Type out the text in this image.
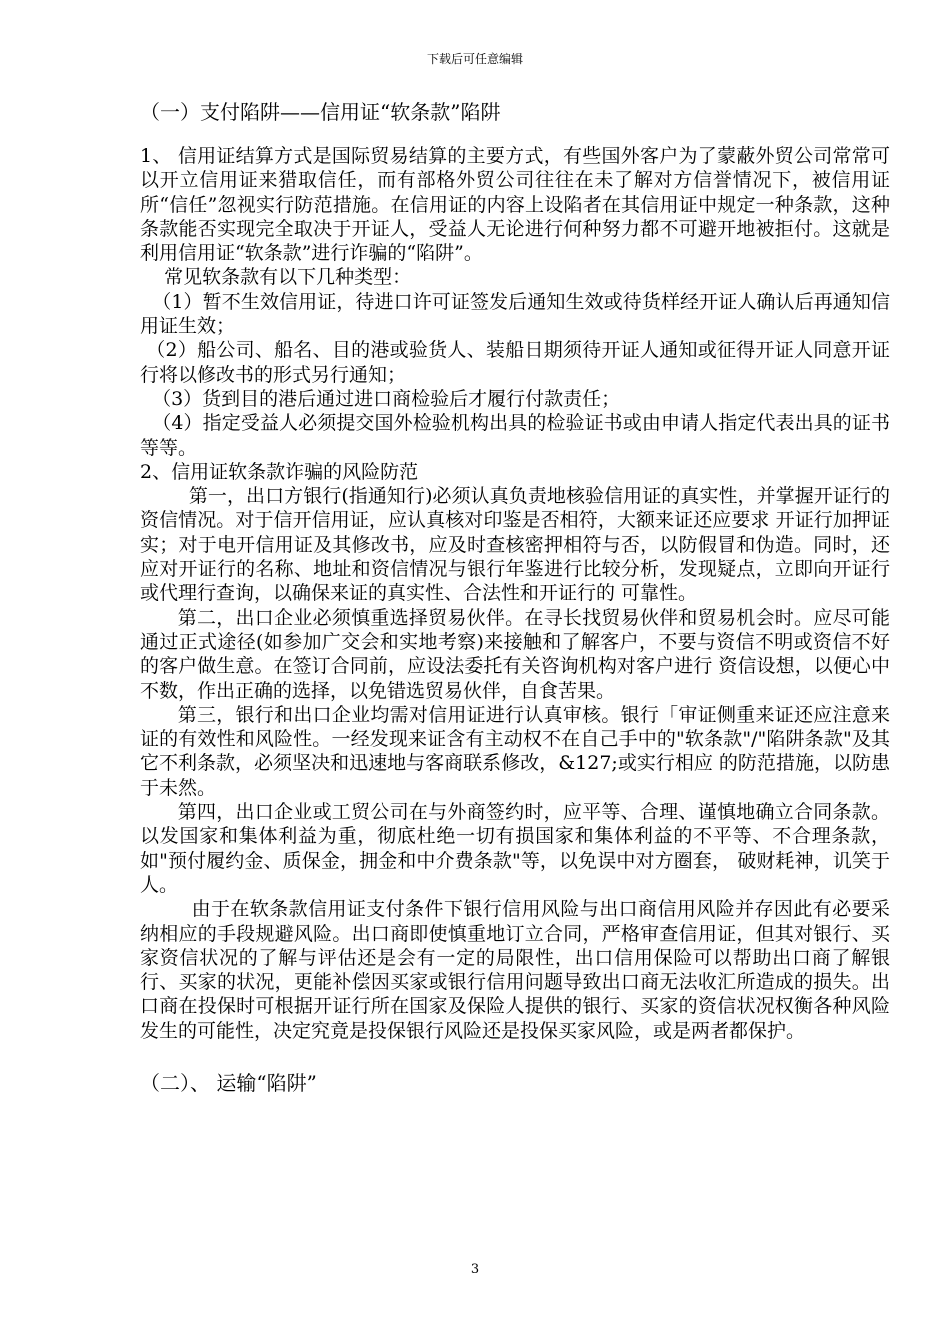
下载后可任意编辑
（一）支付陷阱——信用证“软条款”陷阱

1、 信用证结算方式是国际贸易结算的主要方式，有些国外客户为了蒙蔽外贸公司常常可以开立信用证来猎取信任，而有部格外贸公司往往在未了解对方信誉情况下，被信用证所“信任”忽视实行防范措施。在信用证的内容上设陷者在其信用证中规定一种条款，这种条款能否实现完全取决于开证人，受益人无论进行何种努力都不可避开地被拒付。这就是利用信用证“软条款”进行诈骗的“陷阱”。

常见软条款有以下几种类型：

（1）暂不生效信用证，待进口许可证签发后通知生效或待货样经开证人确认后再通知信用证生效；

（2）船公司、船名、目的港或验货人、装船日期须待开证人通知或征得开证人同意开证行将以修改书的形式另行通知；

（3）货到目的港后通过进口商检验后才履行付款责任；

（4）指定受益人必须提交国外检验机构出具的检验证书或由申请人指定代表出具的证书等等。

2、信用证软条款诈骗的风险防范

第一，出口方银行(指通知行)必须认真负责地核验信用证的真实性，并掌握开证行的资信情况。对于信开信用证，应认真核对印鉴是否相符，大额来证还应要求 开证行加押证实；对于电开信用证及其修改书，应及时查核密押相符与否，以防假冒和伪造。同时，还应对开证行的名称、地址和资信情况与银行年鉴进行比较分析，发现疑点，立即向开证行或代理行查询，以确保来证的真实性、合法性和开证行的 可靠性。

第二，出口企业必须慎重选择贸易伙伴。在寻长找贸易伙伴和贸易机会时。应尽可能通过正式途径(如参加广交会和实地考察)来接触和了解客户，不要与资信不明或资信不好的客户做生意。在签订合同前，应设法委托有关咨询机构对客户进行 资信设想，以便心中不数，作出正确的选择，以免错选贸易伙伴，自食苦果。

第三，银行和出口企业均需对信用证进行认真审核。银行「审证侧重来证还应注意来证的有效性和风险性。一经发现来证含有主动权不在自己手中的"软条款"/"陷阱条款"及其它不利条款，必须坚决和迅速地与客商联系修改，&127;或实行相应 的防范措施，以防患于未然。

第四，出口企业或工贸公司在与外商签约时，应平等、合理、谨慎地确立合同条款。以发国家和集体利益为重，彻底杜绝一切有损国家和集体利益的不平等、不合理条款，如"预付履约金、质保金，拥金和中介费条款"等，以免误中对方圈套， 破财耗神，讥笑于人。

由于在软条款信用证支付条件下银行信用风险与出口商信用风险并存因此有必要采纳相应的手段规避风险。出口商即使慎重地订立合同，严格审查信用证，但其对银行、买家资信状况的了解与评估还是会有一定的局限性，出口信用保险可以帮助出口商了解银行、买家的状况，更能补偿因买家或银行信用问题导致出口商无法收汇所造成的损失。出口商在投保时可根据开证行所在国家及保险人提供的银行、买家的资信状况权衡各种风险发生的可能性，决定究竟是投保银行风险还是投保买家风险，或是两者都保护。

（二）、 运输“陷阱”
3
